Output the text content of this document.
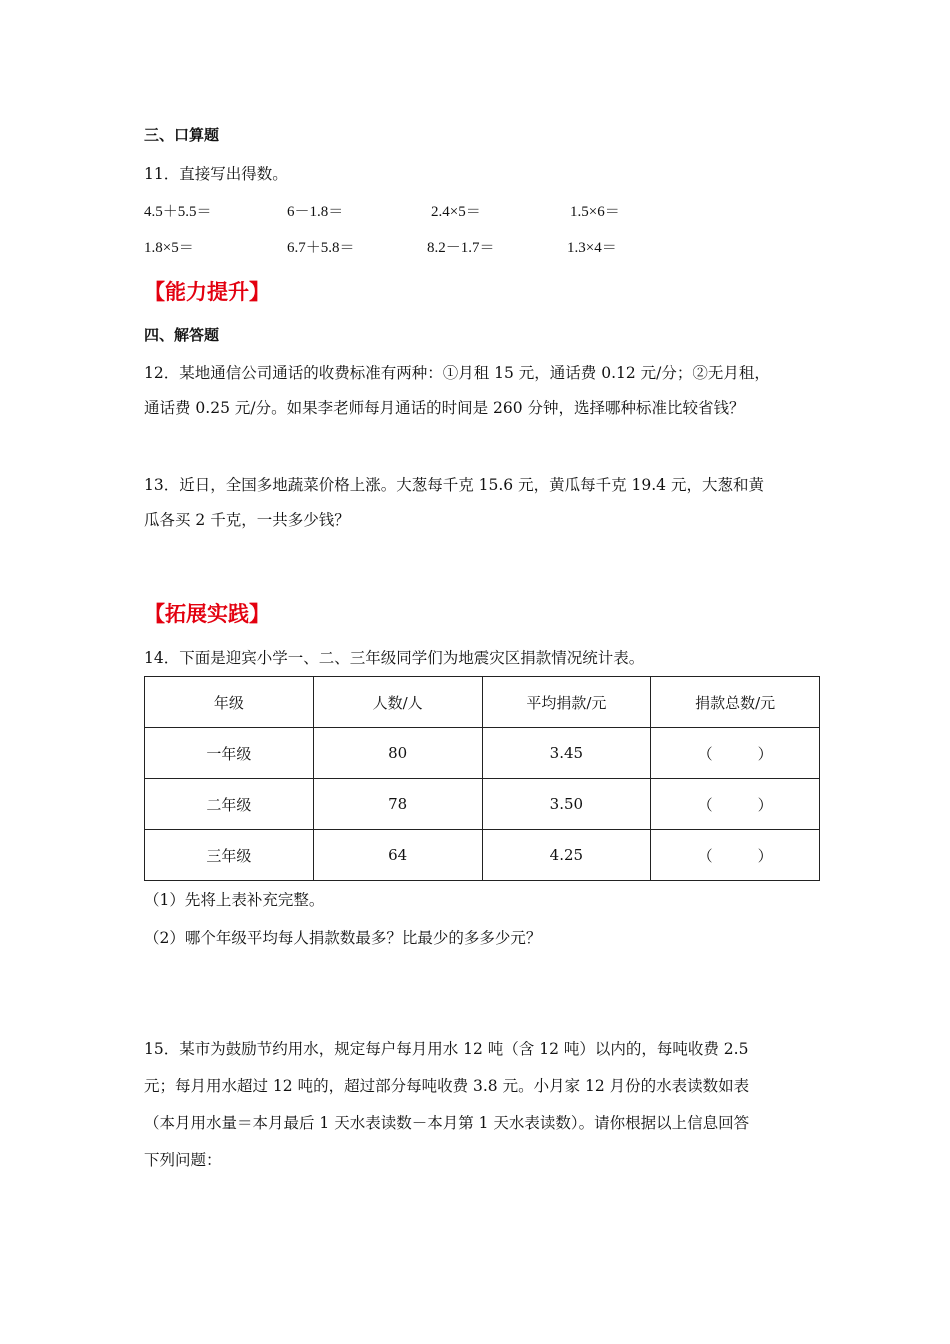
三、口算题
11．直接写出得数。
4.5＋5.5＝	6－1.8＝	2.4×5＝	1.5×6＝
1.8×5＝	6.7＋5.8＝	8.2－1.7＝	1.3×4＝
【能力提升】
四、解答题
12．某地通信公司通话的收费标准有两种：①月租 15 元，通话费 0.12 元/分；②无月租，
通话费 0.25 元/分。如果李老师每月通话的时间是 260 分钟，选择哪种标准比较省钱？
13．近日，全国多地蔬菜价格上涨。大葱每千克 15.6 元，黄瓜每千克 19.4 元，大葱和黄
瓜各买 2 千克，一共多少钱？
【拓展实践】
14．下面是迎宾小学一、二、三年级同学们为地震灾区捐款情况统计表。
年级	人数/人	平均捐款/元	捐款总数/元
一年级	80	3.45	（　　　）
二年级	78	3.50	（　　　）
三年级	64	4.25	（　　　）
（1）先将上表补充完整。
（2）哪个年级平均每人捐款数最多？比最少的多多少元？
15．某市为鼓励节约用水，规定每户每月用水 12 吨（含 12 吨）以内的，每吨收费 2.5
元；每月用水超过 12 吨的，超过部分每吨收费 3.8 元。小月家 12 月份的水表读数如表
（本月用水量＝本月最后 1 天水表读数－本月第 1 天水表读数）。请你根据以上信息回答
下列问题：
